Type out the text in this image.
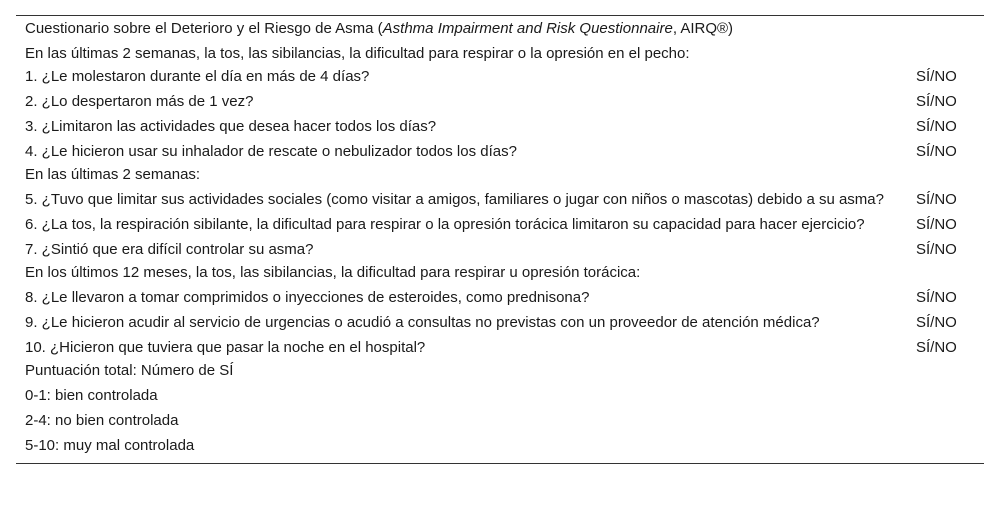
Cuestionario sobre el Deterioro y el Riesgo de Asma (Asthma Impairment and Risk Questionnaire, AIRQ®)
En las últimas 2 semanas, la tos, las sibilancias, la dificultad para respirar o la opresión en el pecho:
1. ¿Le molestaron durante el día en más de 4 días?	SÍ/NO
2. ¿Lo despertaron más de 1 vez?	SÍ/NO
3. ¿Limitaron las actividades que desea hacer todos los días?	SÍ/NO
4. ¿Le hicieron usar su inhalador de rescate o nebulizador todos los días?	SÍ/NO
En las últimas 2 semanas:
5. ¿Tuvo que limitar sus actividades sociales (como visitar a amigos, familiares o jugar con niños o mascotas) debido a su asma?	SÍ/NO
6. ¿La tos, la respiración sibilante, la dificultad para respirar o la opresión torácica limitaron su capacidad para hacer ejercicio?	SÍ/NO
7. ¿Sintió que era difícil controlar su asma?	SÍ/NO
En los últimos 12 meses, la tos, las sibilancias, la dificultad para respirar u opresión torácica:
8. ¿Le llevaron a tomar comprimidos o inyecciones de esteroides, como prednisona?	SÍ/NO
9. ¿Le hicieron acudir al servicio de urgencias o acudió a consultas no previstas con un proveedor de atención médica?	SÍ/NO
10. ¿Hicieron que tuviera que pasar la noche en el hospital?	SÍ/NO
Puntuación total: Número de SÍ
0-1: bien controlada
2-4: no bien controlada
5-10: muy mal controlada
